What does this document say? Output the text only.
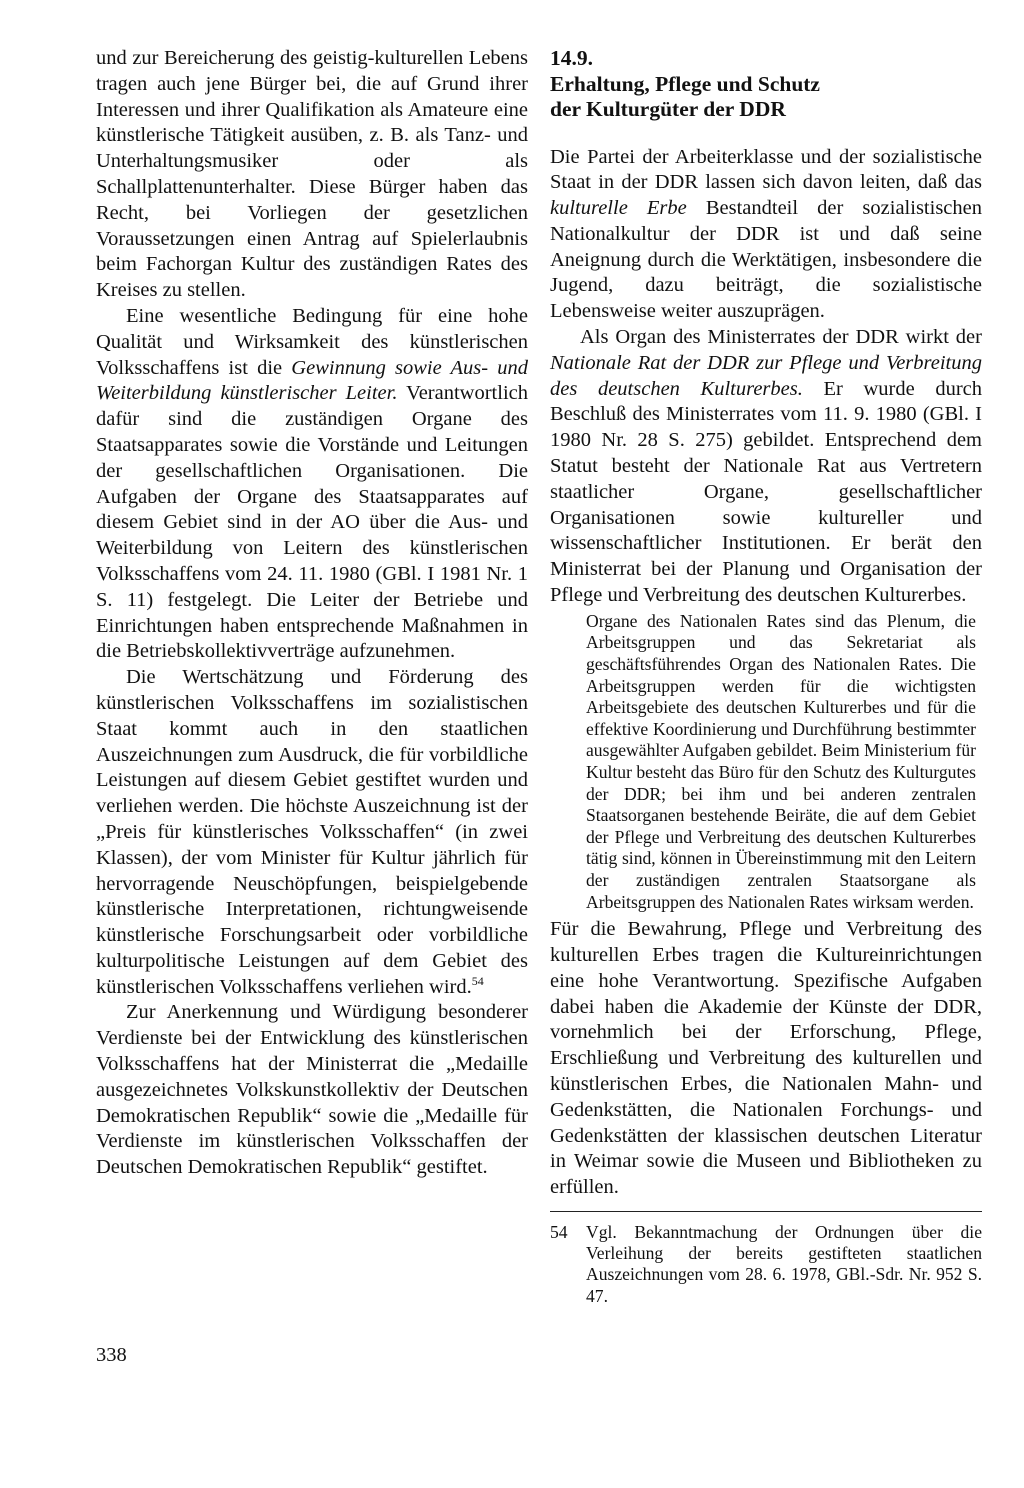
und zur Bereicherung des geistig-kulturellen Lebens tragen auch jene Bürger bei, die auf Grund ihrer Interessen und ihrer Qualifikation als Amateure eine künstlerische Tätigkeit ausüben, z. B. als Tanz- und Unterhaltungsmusiker oder als Schallplattenunterhalter. Diese Bürger haben das Recht, bei Vorliegen der gesetzlichen Voraussetzungen einen Antrag auf Spielerlaubnis beim Fachorgan Kultur des zuständigen Rates des Kreises zu stellen.

Eine wesentliche Bedingung für eine hohe Qualität und Wirksamkeit des künstlerischen Volksschaffens ist die Gewinnung sowie Aus- und Weiterbildung künstlerischer Leiter. Verantwortlich dafür sind die zuständigen Organe des Staatsapparates sowie die Vorstände und Leitungen der gesellschaftlichen Organisationen. Die Aufgaben der Organe des Staatsapparates auf diesem Gebiet sind in der AO über die Aus- und Weiterbildung von Leitern des künstlerischen Volksschaffens vom 24. 11. 1980 (GBl. I 1981 Nr. 1 S. 11) festgelegt. Die Leiter der Betriebe und Einrichtungen haben entsprechende Maßnahmen in die Betriebskollektivverträge aufzunehmen.

Die Wertschätzung und Förderung des künstlerischen Volksschaffens im sozialistischen Staat kommt auch in den staatlichen Auszeichnungen zum Ausdruck, die für vorbildliche Leistungen auf diesem Gebiet gestiftet wurden und verliehen werden. Die höchste Auszeichnung ist der „Preis für künstlerisches Volksschaffen“ (in zwei Klassen), der vom Minister für Kultur jährlich für hervorragende Neuschöpfungen, beispielgebende künstlerische Interpretationen, richtungweisende künstlerische Forschungsarbeit oder vorbildliche kulturpolitische Leistungen auf dem Gebiet des künstlerischen Volksschaffens verliehen wird.$^{54}$

Zur Anerkennung und Würdigung besonderer Verdienste bei der Entwicklung des künstlerischen Volksschaffens hat der Ministerrat die „Medaille ausgezeichnetes Volkskunstkollektiv der Deutschen Demokratischen Republik“ sowie die „Medaille für Verdienste im künstlerischen Volksschaffen der Deutschen Demokratischen Republik“ gestiftet.

14.9.
Erhaltung, Pflege und Schutz
der Kulturgüter der DDR

Die Partei der Arbeiterklasse und der sozialistische Staat in der DDR lassen sich davon leiten, daß das kulturelle Erbe Bestandteil der sozialistischen Nationalkultur der DDR ist und daß seine Aneignung durch die Werktätigen, insbesondere die Jugend, dazu beiträgt, die sozialistische Lebensweise weiter auszuprägen.

Als Organ des Ministerrates der DDR wirkt der Nationale Rat der DDR zur Pflege und Verbreitung des deutschen Kulturerbes. Er wurde durch Beschluß des Ministerrates vom 11. 9. 1980 (GBl. I 1980 Nr. 28 S. 275) gebildet. Entsprechend dem Statut besteht der Nationale Rat aus Vertretern staatlicher Organe, gesellschaftlicher Organisationen sowie kultureller und wissenschaftlicher Institutionen. Er berät den Ministerrat bei der Planung und Organisation der Pflege und Verbreitung des deutschen Kulturerbes.

Organe des Nationalen Rates sind das Plenum, die Arbeitsgruppen und das Sekretariat als geschäftsführendes Organ des Nationalen Rates. Die Arbeitsgruppen werden für die wichtigsten Arbeitsgebiete des deutschen Kulturerbes und für die effektive Koordinierung und Durchführung bestimmter ausgewählter Aufgaben gebildet. Beim Ministerium für Kultur besteht das Büro für den Schutz des Kulturgutes der DDR; bei ihm und bei anderen zentralen Staatsorganen bestehende Beiräte, die auf dem Gebiet der Pflege und Verbreitung des deutschen Kulturerbes tätig sind, können in Übereinstimmung mit den Leitern der zuständigen zentralen Staatsorgane als Arbeitsgruppen des Nationalen Rates wirksam werden.

Für die Bewahrung, Pflege und Verbreitung des kulturellen Erbes tragen die Kultureinrichtungen eine hohe Verantwortung. Spezifische Aufgaben dabei haben die Akademie der Künste der DDR, vornehmlich bei der Erforschung, Pflege, Erschließung und Verbreitung des kulturellen und künstlerischen Erbes, die Nationalen Mahn- und Gedenkstätten, die Nationalen Forchungs- und Gedenkstätten der klassischen deutschen Literatur in Weimar sowie die Museen und Bibliotheken zu erfüllen.

54	Vgl. Bekanntmachung der Ordnungen über die Verleihung der bereits gestifteten staatlichen Auszeichnungen vom 28. 6. 1978, GBl.-Sdr. Nr. 952 S. 47.
338
